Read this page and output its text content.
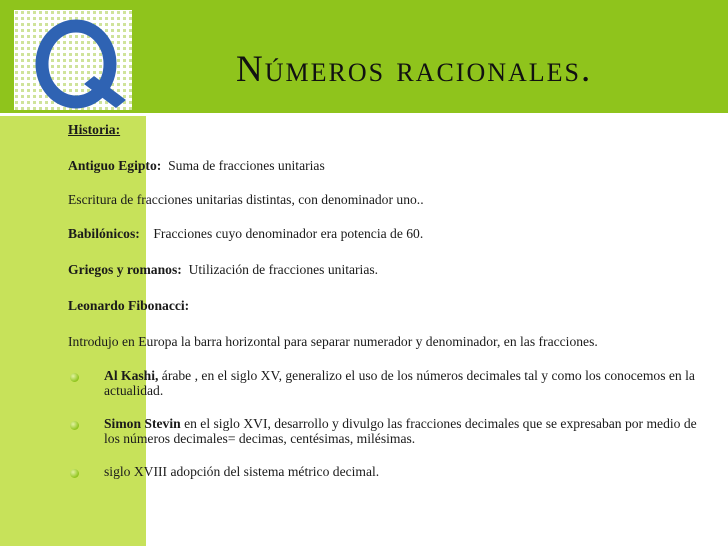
Números racionales.
Historia:
Antiguo Egipto: Suma de fracciones unitarias
Escritura de fracciones unitarias distintas, con denominador uno..
Babilónicos: Fracciones cuyo denominador era potencia de 60.
Griegos y romanos: Utilización de fracciones unitarias.
Leonardo Fibonacci:
Introdujo en Europa la barra horizontal para separar numerador y denominador, en las fracciones.
Al Kashi, árabe , en el siglo XV, generalizo el uso de los números decimales tal y como los conocemos en la actualidad.
Simon Stevin en el siglo XVI, desarrollo y divulgo las fracciones decimales que se expresaban por medio de los números decimales= decimas, centésimas, milésimas.
siglo XVIII adopción del sistema métrico decimal.
